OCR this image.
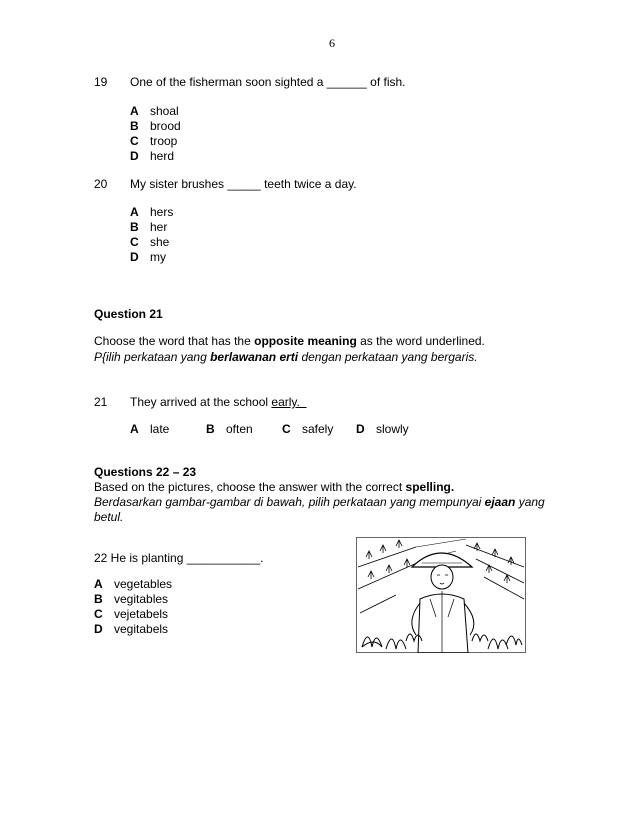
6
19 One of the fisherman soon sighted a ______ of fish.
A shoal
B brood
C troop
D herd
20 My sister brushes _____ teeth twice a day.
A hers
B her
C she
D my
Question 21
Choose the word that has the opposite meaning as the word underlined.
P{ilih perkataan yang berlawanan erti dengan perkataan yang bergaris.
21 They arrived at the school early.
A late	B often C safely D slowly
Questions 22 – 23
Based on the pictures, choose the answer with the correct spelling.
Berdasarkan gambar-gambar di bawah, pilih perkataan yang mempunyai ejaan yang
betul.
22 He is planting ___________.
A vegetables
B vegitables
C vejetabels
D vegitabels
